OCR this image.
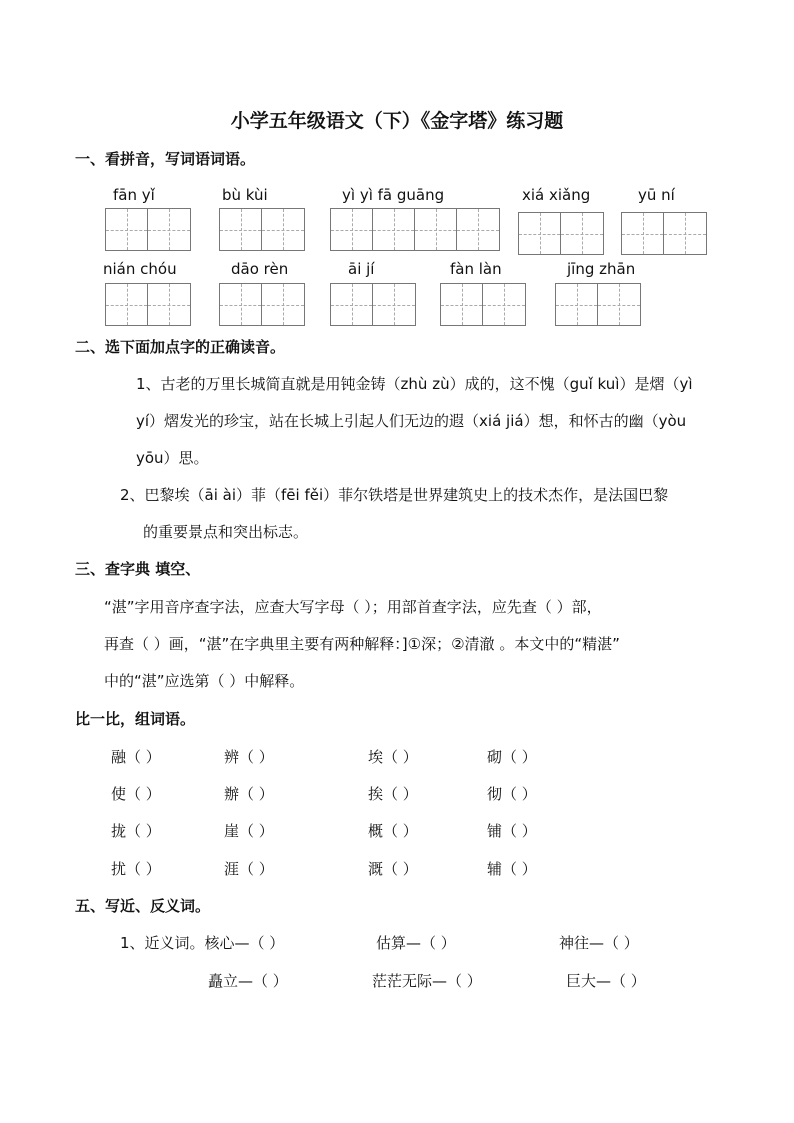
小学五年级语文（下）《金字塔》练习题
一、看拼音，写词语词语。
fān yǐ	bù kùi	yì yì fā guāng	xiá xiǎng	yū ní
nián chóu	dāo rèn	āi jí	fàn làn	jīng zhān
二、选下面加点字的正确读音。
1、古老的万里长城简直就是用钝金铸（zhù zù）成的，这不愧（guǐ kuì）是熠（yì
yí）熠发光的珍宝，站在长城上引起人们无边的遐（xiá jiá）想，和怀古的幽（yòu
yōu）思。
2、巴黎埃（āi ài）菲（fēi fěi）菲尔铁塔是世界建筑史上的技术杰作，是法国巴黎
的重要景点和突出标志。
三、查字典 填空、
“湛”字用音序查字法，应查大写字母（ ）；用部首查字法，应先查（ ）部，
再查（ ）画，“湛”在字典里主要有两种解释：]①深；②清澈 。本文中的“精湛”
中的“湛”应选第（ ）中解释。
比一比，组词语。
融（ ）	辨（ ）	埃（ ）	砌（ ）
使（ ）	辦（ ）	挨（ ）	彻（ ）
拢（ ）	崖（ ）	概（ ）	铺（ ）
扰（ ）	涯（ ）	溉（ ）	辅（ ）
五、写近、反义词。
1、近义词。核心—（ ）	估算—（ ）	神往—（ ）
矗立—（ ）	茫茫无际—（ ）	巨大—（ ）
